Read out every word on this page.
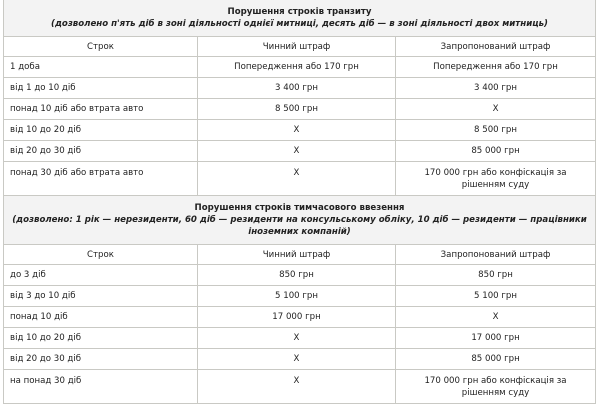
Порушення строків транзиту
(дозволено п'ять діб в зоні діяльності однієї митниці, десять діб — в зоні діяльності двох митниць)		

Строк	Чинний штраф	Запропонований штраф
1 доба	Попередження або 170 грн	Попередження або 170 грн
від 1 до 10 діб	3 400 грн	3 400 грн
понад 10 діб або втрата авто	8 500 грн	Х
від 10 до 20 діб	Х	8 500 грн
від 20 до 30 діб	Х	85 000 грн
понад 30 діб або втрата авто	Х	170 000 грн або конфіскація за рішенням суду

Порушення строків тимчасового ввезення
(дозволено: 1 рік — нерезиденти, 60 діб — резиденти на консульському обліку, 10 діб — резиденти — працівники іноземних компаній)		

Строк	Чинний штраф	Запропонований штраф
до 3 діб	850 грн	850 грн
від 3 до 10 діб	5 100 грн	5 100 грн
понад 10 діб	17 000 грн	Х
від 10 до 20 діб	Х	17 000 грн
від 20 до 30 діб	Х	85 000 грн
на понад 30 діб	Х	170 000 грн або конфіскація за рішенням суду
